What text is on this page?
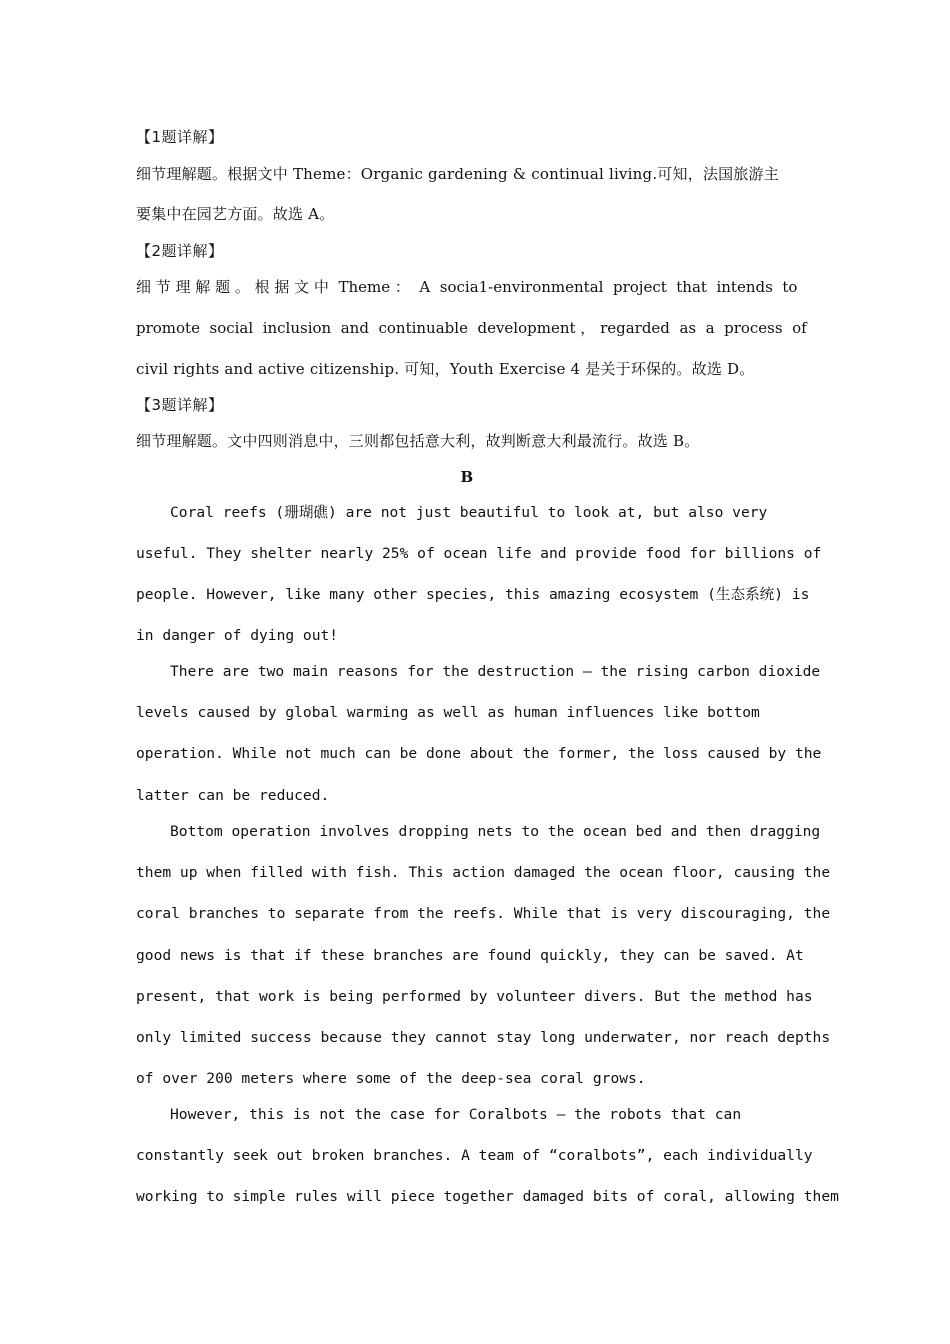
【1题详解】
细节理解题。根据文中 Theme：Organic gardening & continual living.可知，法国旅游主
要集中在园艺方面。故选 A。
【2题详解】
细 节 理 解 题 。 根 据 文 中  Theme ：  A  socia1-environmental  project  that  intends  to
promote  social  inclusion  and  continuable  development ， regarded  as  a  process  of
civil rights and active citizenship. 可知，Youth Exercise 4 是关于环保的。故选 D。
【3题详解】
细节理解题。文中四则消息中，三则都包括意大利，故判断意大利最流行。故选 B。
B
Coral reefs (珊瑚礁) are not just beautiful to look at, but also very
useful. They shelter nearly 25% of ocean life and provide food for billions of
people. However, like many other species, this amazing ecosystem (生态系统) is
in danger of dying out!
There are two main reasons for the destruction — the rising carbon dioxide
levels caused by global warming as well as human influences like bottom
operation. While not much can be done about the former, the loss caused by the
latter can be reduced.
Bottom operation involves dropping nets to the ocean bed and then dragging
them up when filled with fish. This action damaged the ocean floor, causing the
coral branches to separate from the reefs. While that is very discouraging, the
good news is that if these branches are found quickly, they can be saved. At
present, that work is being performed by volunteer divers. But the method has
only limited success because they cannot stay long underwater, nor reach depths
of over 200 meters where some of the deep-sea coral grows.
However, this is not the case for Coralbots — the robots that can
constantly seek out broken branches. A team of “coralbots”, each individually
working to simple rules will piece together damaged bits of coral, allowing them
